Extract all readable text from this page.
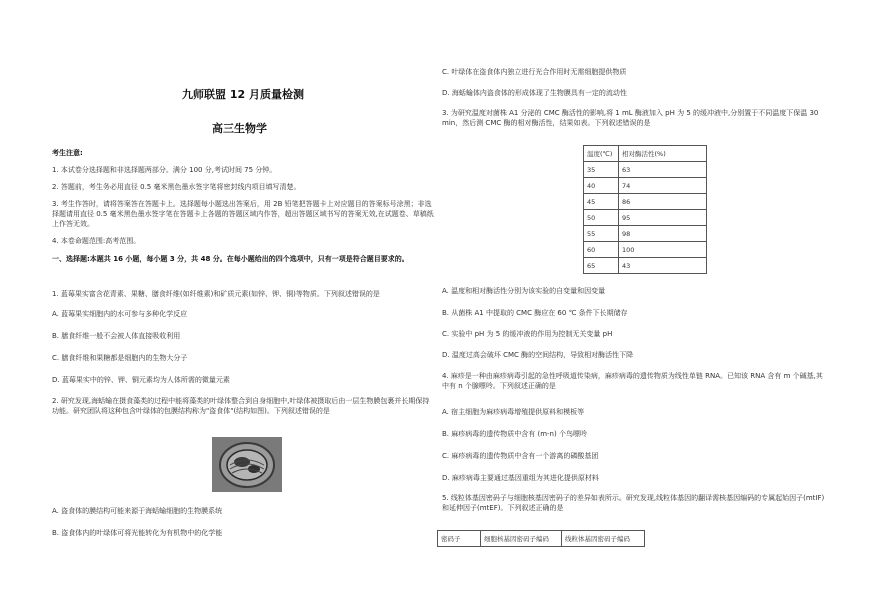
九师联盟 12 月质量检测
高三生物学
考生注意:
1. 本试卷分选择题和非选择题两部分。满分 100 分,考试时间 75 分钟。
2. 答题前，考生务必用直径 0.5 毫米黑色墨水签字笔将密封线内项目填写清楚。
3. 考生作答时，请将答案答在答题卡上。选择题每小题选出答案后，用 2B 铅笔把答题卡上对应题目的答案标号涂黑；非选择题请用直径 0.5 毫米黑色墨水签字笔在答题卡上各题的答题区域内作答，超出答题区域书写的答案无效,在试题卷、草稿纸上作答无效。
4. 本卷命题范围:高考范围。
一、选择题:本题共 16 小题，每小题 3 分，共 48 分。在每小题给出的四个选项中，只有一项是符合题目要求的。
1. 蓝莓果实富含花青素、果糖、膳食纤维(如纤维素)和矿质元素(如锌、钾、铜)等物质。下列叙述错误的是
A. 蓝莓果实细胞内的水可参与多种化学反应
B. 膳食纤维一般不会被人体直接吸收利用
C. 膳食纤维和果糖都是细胞内的生物大分子
D. 蓝莓果实中的锌、钾、铜元素均为人体所需的微量元素
2. 研究发现,海蛞蝓在摄食藻类的过程中能将藻类的叶绿体整合到自身细胞中,叶绿体被摄取后由一层生物膜包裹并长期保持功能。研究团队将这种包含叶绿体的包膜结构称为"盗食体"(结构如图)。下列叙述错误的是
A. 盗食体的膜结构可能来源于海蛞蝓细胞的生物膜系统
B. 盗食体内的叶绿体可将光能转化为有机物中的化学能
C. 叶绿体在盗食体内独立进行光合作用时无需细胞提供物质
D. 海蛞蝓体内盗食体的形成体现了生物膜具有一定的流动性
3. 为研究温度对菌株 A1 分泌的 CMC 酶活性的影响,将 1 mL 酶液加入 pH 为 5 的缓冲液中,分别置于不同温度下保温 30 min，然后测 CMC 酶的相对酶活性，结果如表。下列叙述错误的是
温度(℃)	相对酶活性(%)
35	63
40	74
45	86
50	95
55	98
60	100
65	43
A. 温度和相对酶活性分别为该实验的自变量和因变量
B. 从菌株 A1 中提取的 CMC 酶应在 60 ℃ 条件下长期储存
C. 实验中 pH 为 5 的缓冲液的作用为控制无关变量 pH
D. 温度过高会破坏 CMC 酶的空间结构，导致相对酶活性下降
4. 麻疹是一种由麻疹病毒引起的急性呼吸道传染病，麻疹病毒的遗传物质为线性单链 RNA。已知该 RNA 含有 m 个碱基,其中有 n 个腺嘌呤。下列叙述正确的是
A. 宿主细胞为麻疹病毒增殖提供原料和模板等
B. 麻疹病毒的遗传物质中含有 (m-n) 个鸟嘌呤
C. 麻疹病毒的遗传物质中含有一个游离的磷酸基团
D. 麻疹病毒主要通过基因重组为其进化提供原材料
5. 线粒体基因密码子与细胞核基因密码子的差异如表所示。研究发现,线粒体基因的翻译需核基因编码的专属起始因子(mtIF)和延伸因子(mtEF)。下列叙述正确的是
密码子	细胞核基因密码子编码	线粒体基因密码子编码
